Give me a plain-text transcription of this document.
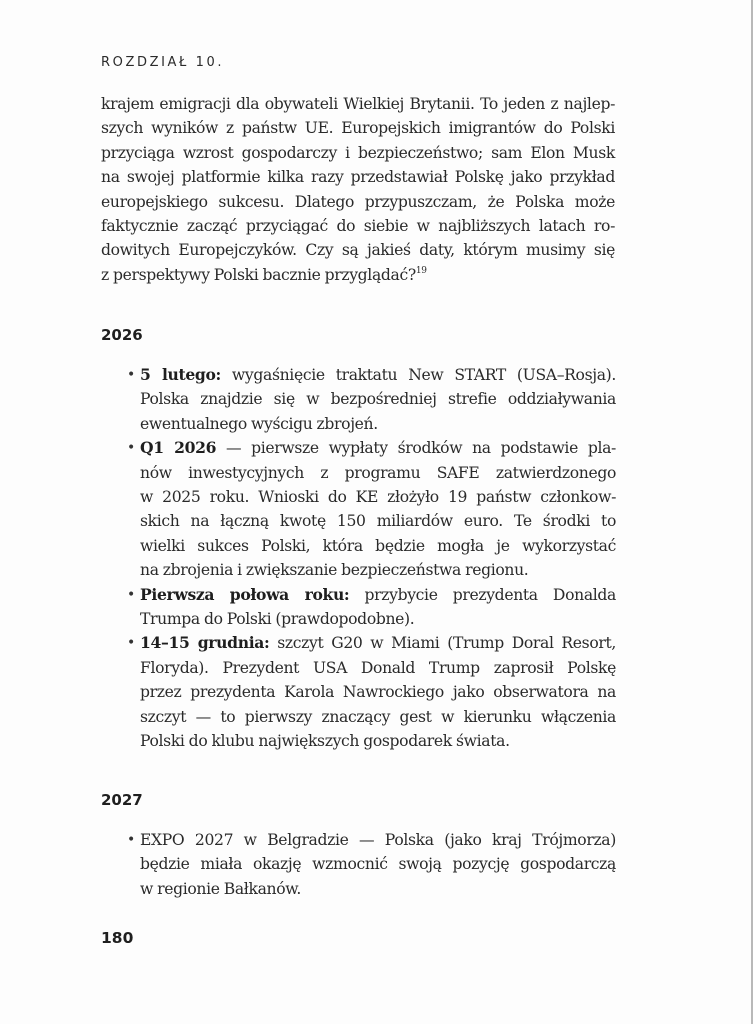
ROZDZIAŁ 10.
krajem emigracji dla obywateli Wielkiej Brytanii. To jeden z najlep-
szych wyników z państw UE. Europejskich imigrantów do Polski
przyciąga wzrost gospodarczy i bezpieczeństwo; sam Elon Musk
na swojej platformie kilka razy przedstawiał Polskę jako przykład
europejskiego sukcesu. Dlatego przypuszczam, że Polska może
faktycznie zacząć przyciągać do siebie w najbliższych latach ro-
dowitych Europejczyków. Czy są jakieś daty, którym musimy się
z perspektywy Polski bacznie przyglądać?$^{19}$
2026
• 5 lutego: wygaśnięcie traktatu New START (USA–Rosja).
Polska znajdzie się w bezpośredniej strefie oddziaływania
ewentualnego wyścigu zbrojeń.
• Q1 2026 — pierwsze wypłaty środków na podstawie pla-
nów inwestycyjnych z programu SAFE zatwierdzonego
w 2025 roku. Wnioski do KE złożyło 19 państw członkow-
skich na łączną kwotę 150 miliardów euro. Te środki to
wielki sukces Polski, która będzie mogła je wykorzystać
na zbrojenia i zwiększanie bezpieczeństwa regionu.
• Pierwsza połowa roku: przybycie prezydenta Donalda
Trumpa do Polski (prawdopodobne).
• 14–15 grudnia: szczyt G20 w Miami (Trump Doral Resort,
Floryda). Prezydent USA Donald Trump zaprosił Polskę
przez prezydenta Karola Nawrockiego jako obserwatora na
szczyt — to pierwszy znaczący gest w kierunku włączenia
Polski do klubu największych gospodarek świata.
2027
• EXPO 2027 w Belgradzie — Polska (jako kraj Trójmorza)
będzie miała okazję wzmocnić swoją pozycję gospodarczą
w regionie Bałkanów.
180
